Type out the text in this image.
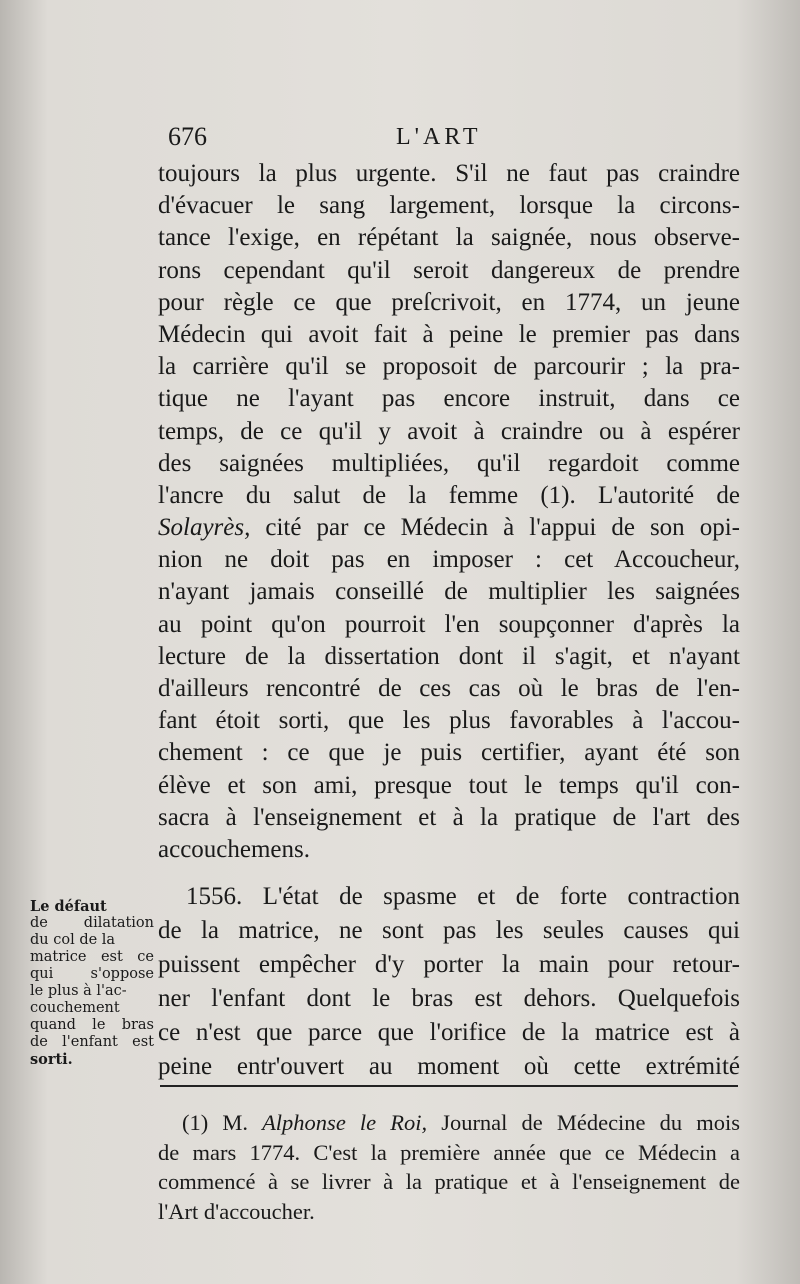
676	L'ART
toujours la plus urgente. S'il ne faut pas craindre
d'évacuer le sang largement, lorsque la circons-
tance l'exige, en répétant la saignée, nous observe-
rons cependant qu'il seroit dangereux de prendre
pour règle ce que preſcrivoit, en 1774, un jeune
Médecin qui avoit fait à peine le premier pas dans
la carrière qu'il se proposoit de parcourir ; la pra-
tique ne l'ayant pas encore instruit, dans ce
temps, de ce qu'il y avoit à craindre ou à espérer
des saignées multipliées, qu'il regardoit comme
l'ancre du salut de la femme (1). L'autorité de
Solayrès, cité par ce Médecin à l'appui de son opi-
nion ne doit pas en imposer : cet Accoucheur,
n'ayant jamais conseillé de multiplier les saignées
au point qu'on pourroit l'en soupçonner d'après la
lecture de la dissertation dont il s'agit, et n'ayant
d'ailleurs rencontré de ces cas où le bras de l'en-
fant étoit sorti, que les plus favorables à l'accou-
chement : ce que je puis certifier, ayant été son
élève et son ami, presque tout le temps qu'il con-
sacra à l'enseignement et à la pratique de l'art des
accouchemens.
Le défaut
de dilatation
du col de la
matrice est ce
qui s'oppose
le plus à l'ac-
couchement
quand le bras
de l'enfant est
sorti.
1556. L'état de spasme et de forte contraction
de la matrice, ne sont pas les seules causes qui
puissent empêcher d'y porter la main pour retour-
ner l'enfant dont le bras est dehors. Quelquefois
ce n'est que parce que l'orifice de la matrice est à
peine entr'ouvert au moment où cette extrémité
(1) M. Alphonse le Roi, Journal de Médecine du mois
de mars 1774. C'est la première année que ce Médecin a
commencé à se livrer à la pratique et à l'enseignement de
l'Art d'accoucher.
